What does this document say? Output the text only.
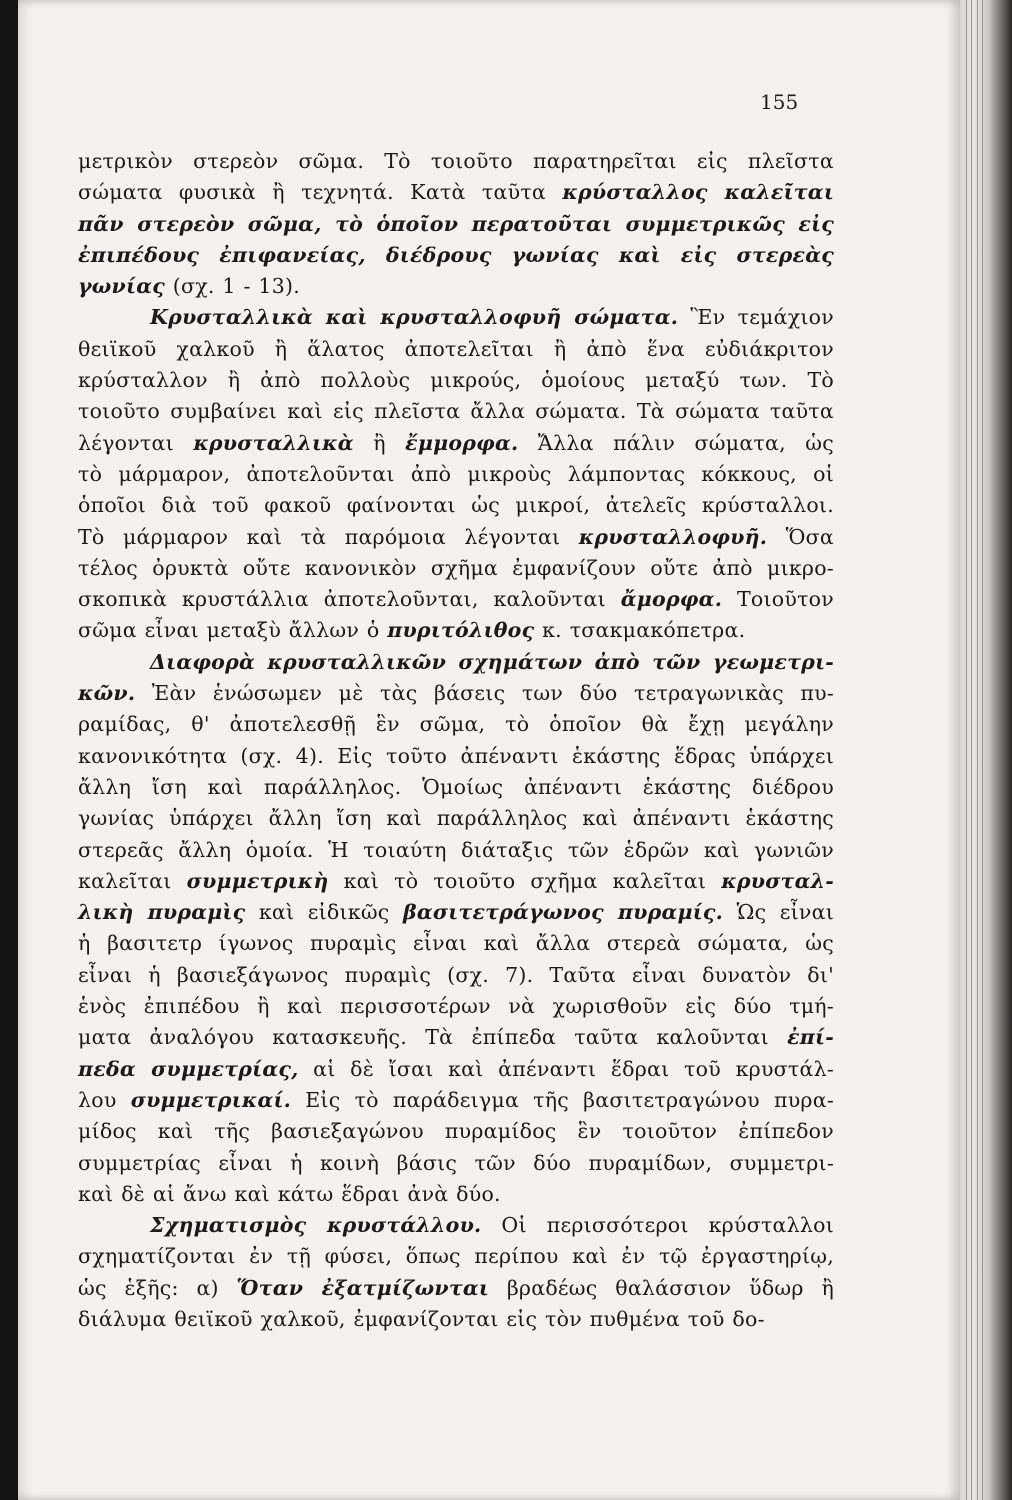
155
μετρικὸν στερεὸν σῶμα. Τὸ τοιοῦτο παρατηρεῖται εἰς πλεῖστα
σώματα φυσικὰ ἢ τεχνητά. Κατὰ ταῦτα κρύσταλλος καλεῖται
πᾶν στερεὸν σῶμα, τὸ ὁποῖον περατοῦται συμμετρικῶς εἰς
ἐπιπέδους ἐπιφανείας, διέδρους γωνίας καὶ εἰς στερεὰς
γωνίας (σχ. 1 - 13).
Κρυσταλλικὰ καὶ κρυσταλλοφυῆ σώματα. Ἓν τεμάχιον
θειϊκοῦ χαλκοῦ ἢ ἅλατος ἀποτελεῖται ἢ ἀπὸ ἕνα εὐδιάκριτον
κρύσταλλον ἢ ἀπὸ πολλοὺς μικρούς, ὁμοίους μεταξύ των. Τὸ
τοιοῦτο συμβαίνει καὶ εἰς πλεῖστα ἄλλα σώματα. Τὰ σώματα ταῦτα
λέγονται κρυσταλλικὰ ἢ ἔμμορφα. Ἄλλα πάλιν σώματα, ὡς
τὸ μάρμαρον, ἀποτελοῦνται ἀπὸ μικροὺς λάμποντας κόκκους, οἱ
ὁποῖοι διὰ τοῦ φακοῦ φαίνονται ὡς μικροί, ἀτελεῖς κρύσταλλοι.
Τὸ μάρμαρον καὶ τὰ παρόμοια λέγονται κρυσταλλοφυῆ. Ὅσα
τέλος ὀρυκτὰ οὔτε κανονικὸν σχῆμα ἐμφανίζουν οὔτε ἀπὸ μικρο-
σκοπικὰ κρυστάλλια ἀποτελοῦνται, καλοῦνται ἄμορφα. Τοιοῦτον
σῶμα εἶναι μεταξὺ ἄλλων ὁ πυριτόλιθος κ. τσακμακόπετρα.
Διαφορὰ κρυσταλλικῶν σχημάτων ἀπὸ τῶν γεωμετρι-
κῶν. Ἐὰν ἑνώσωμεν μὲ τὰς βάσεις των δύο τετραγωνικὰς πυ-
ραμίδας, θ' ἀποτελεσθῇ ἓν σῶμα, τὸ ὁποῖον θὰ ἔχῃ μεγάλην
κανονικότητα (σχ. 4). Εἰς τοῦτο ἀπέναντι ἑκάστης ἕδρας ὑπάρχει
ἄλλη ἴση καὶ παράλληλος. Ὁμοίως ἀπέναντι ἑκάστης διέδρου
γωνίας ὑπάρχει ἄλλη ἴση καὶ παράλληλος καὶ ἀπέναντι ἑκάστης
στερεᾶς ἄλλη ὁμοία. Ἡ τοιαύτη διάταξις τῶν ἑδρῶν καὶ γωνιῶν
καλεῖται συμμετρικὴ καὶ τὸ τοιοῦτο σχῆμα καλεῖται κρυσταλ-
λικὴ πυραμὶς καὶ εἰδικῶς βασιτετράγωνος πυραμίς. Ὡς εἶναι
ἡ βασιτετρ ίγωνος πυραμὶς εἶναι καὶ ἄλλα στερεὰ σώματα, ὡς
εἶναι ἡ βασιεξάγωνος πυραμὶς (σχ. 7). Ταῦτα εἶναι δυνατὸν δι'
ἑνὸς ἐπιπέδου ἢ καὶ περισσοτέρων νὰ χωρισθοῦν εἰς δύο τμή-
ματα ἀναλόγου κατασκευῆς. Τὰ ἐπίπεδα ταῦτα καλοῦνται ἐπί-
πεδα συμμετρίας, αἱ δὲ ἴσαι καὶ ἀπέναντι ἕδραι τοῦ κρυστάλ-
λου συμμετρικαί. Εἰς τὸ παράδειγμα τῆς βασιτετραγώνου πυρα-
μίδος καὶ τῆς βασιεξαγώνου πυραμίδος ἓν τοιοῦτον ἐπίπεδον
συμμετρίας εἶναι ἡ κοινὴ βάσις τῶν δύο πυραμίδων, συμμετρι-
καὶ δὲ αἱ ἄνω καὶ κάτω ἕδραι ἀνὰ δύο.
Σχηματισμὸς κρυστάλλου. Οἱ περισσότεροι κρύσταλλοι
σχηματίζονται ἐν τῇ φύσει, ὅπως περίπου καὶ ἐν τῷ ἐργαστηρίῳ,
ὡς ἑξῆς: α) Ὅταν ἐξατμίζωνται βραδέως θαλάσσιον ὕδωρ ἢ
διάλυμα θειϊκοῦ χαλκοῦ, ἐμφανίζονται εἰς τὸν πυθμένα τοῦ δο-
